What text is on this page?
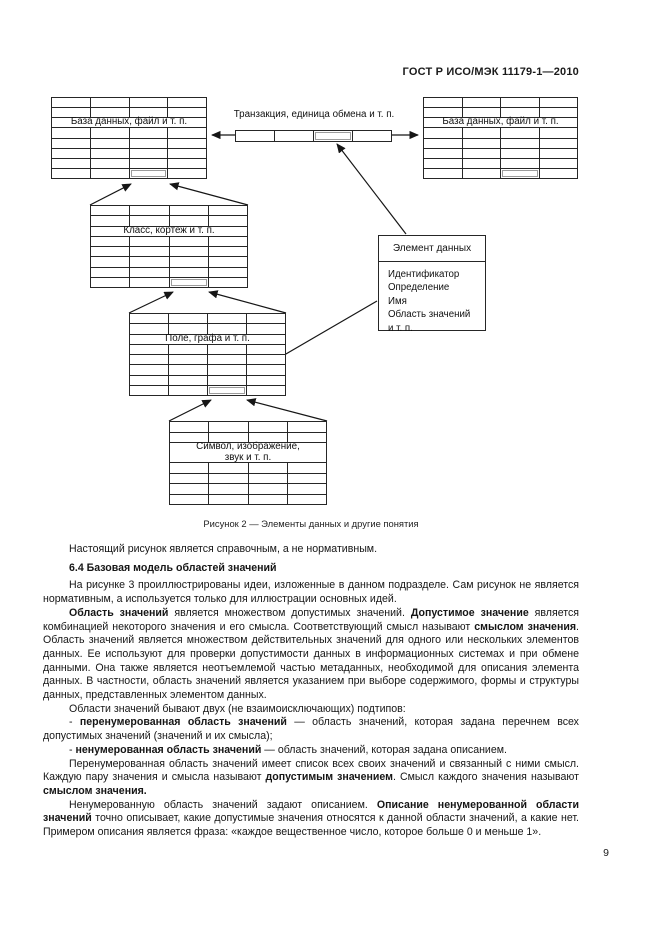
ГОСТ Р ИСО/МЭК 11179-1—2010
База данных, файл и т. п.	База данных, файл и т. п.
Транзакция, единица обмена и т. п.
Класс, кортеж и т. п.
Поле, графа и т. п.
Символ, изображение,
звук и т. п.
Элемент данных
Идентификатор
Определение
Имя
Область значений
и т. п.
Рисунок 2 — Элементы данных и другие понятия

Настоящий рисунок является справочным, а не нормативным.

6.4 Базовая модель областей значений

На рисунке 3 проиллюстрированы идеи, изложенные в данном подразделе. Сам рисунок не является нормативным, а используется только для иллюстрации основных идей.

Область значений является множеством допустимых значений. Допустимое значение является комбинацией некоторого значения и его смысла. Соответствующий смысл называют смыслом значения. Область значений является множеством действительных значений для одного или нескольких элементов данных. Ее используют для проверки допустимости данных в информационных системах и при обмене данными. Она также является неотъемлемой частью метаданных, необходимой для описания элемента данных. В частности, область значений является указанием при выборе содержимого, формы и структуры данных, представленных элементом данных.

Области значений бывают двух (не взаимоисключающих) подтипов:

- перенумерованная область значений — область значений, которая задана перечнем всех допустимых значений (значений и их смысла);

- ненумерованная область значений — область значений, которая задана описанием.

Перенумерованная область значений имеет список всех своих значений и связанный с ними смысл. Каждую пару значения и смысла называют допустимым значением. Смысл каждого значения называют смыслом значения.

Ненумерованную область значений задают описанием. Описание ненумерованной области значений точно описывает, какие допустимые значения относятся к данной области значений, а какие нет. Примером описания является фраза: «каждое вещественное число, которое больше 0 и меньше 1».

9
